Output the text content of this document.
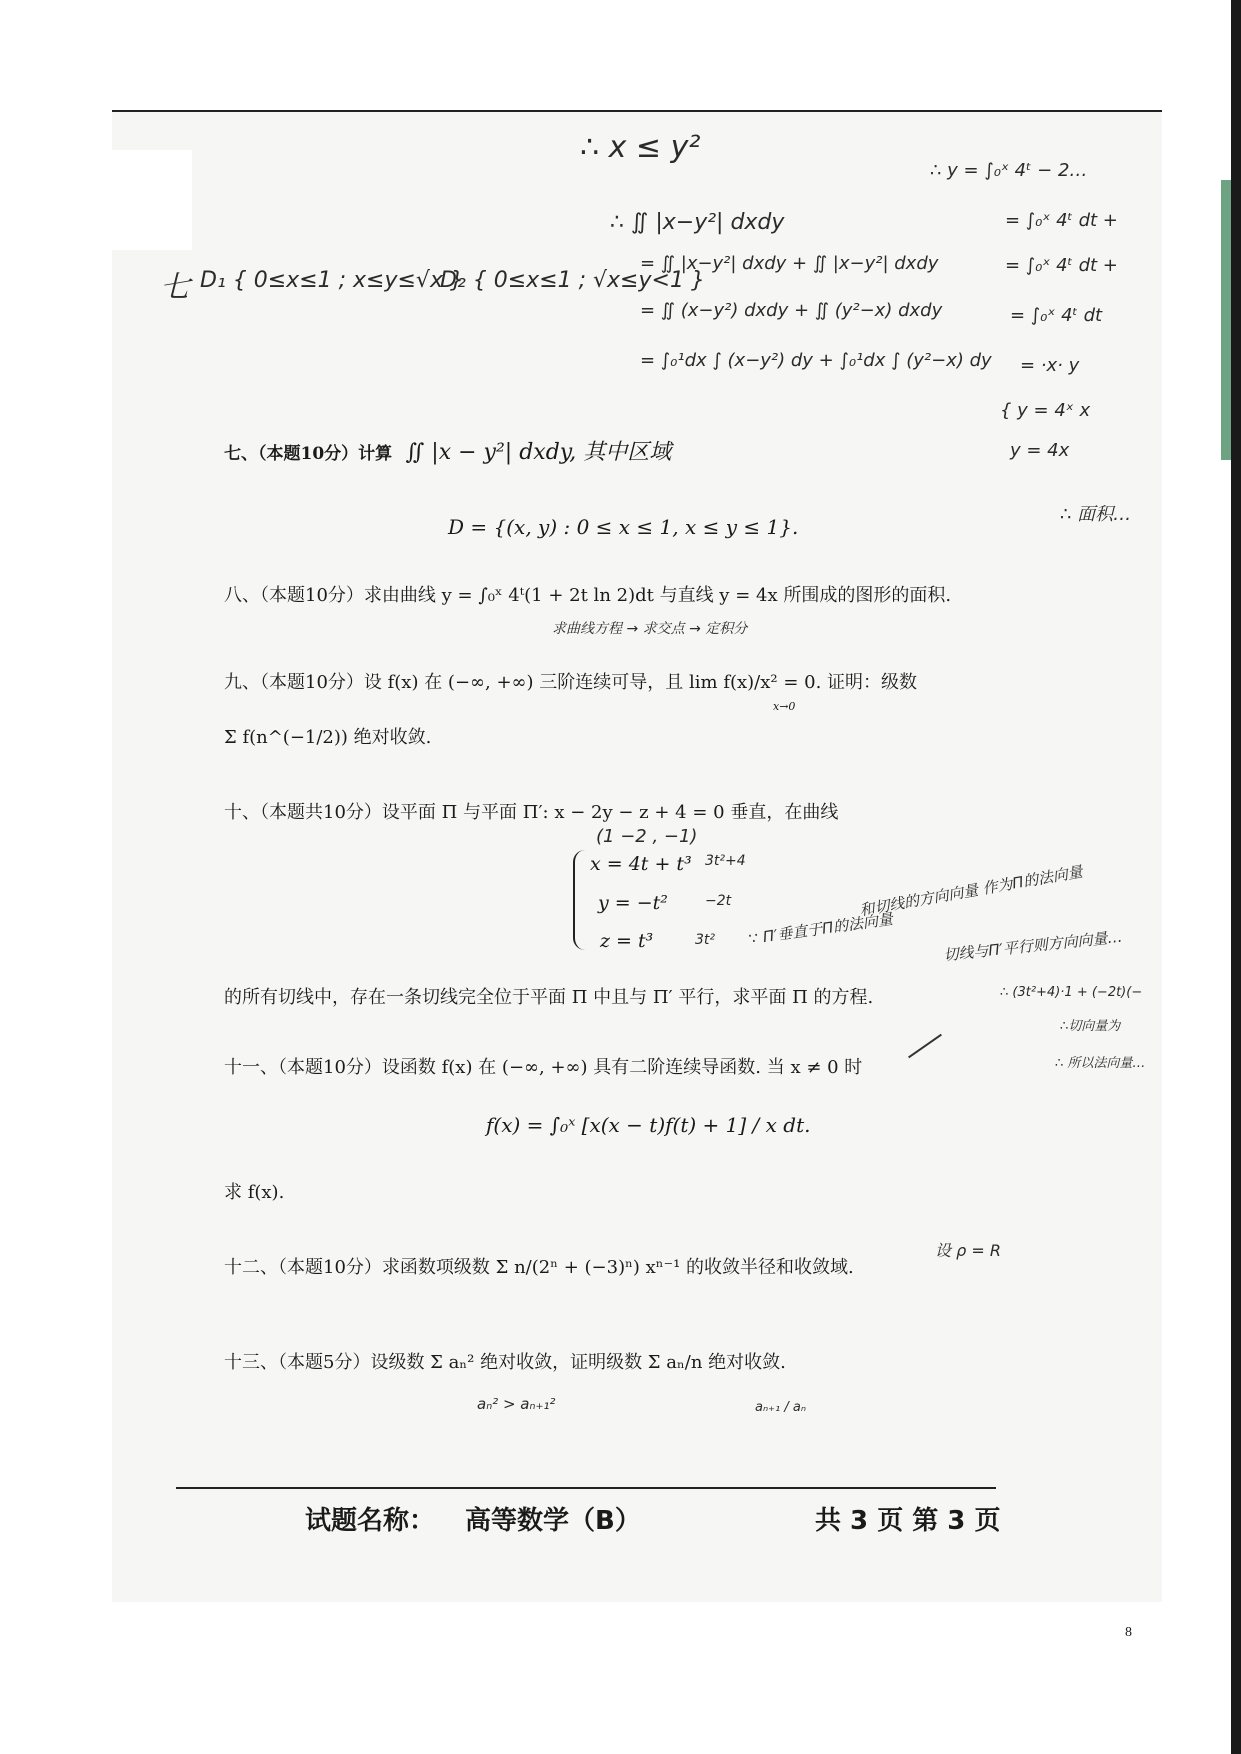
∴ x ≤ y²
∴ ∬ |x−y²| dxdy
= ∬ |x−y²| dxdy + ∬ |x−y²| dxdy
= ∬ (x−y²) dxdy + ∬ (y²−x) dxdy
= ∫₀¹dx ∫ (x−y²) dy + ∫₀¹dx ∫ (y²−x) dy
七 D₁ { 0≤x≤1 ; x≤y≤√x }
D₂ { 0≤x≤1 ; √x≤y<1 }
∴ y = ∫₀ˣ 4ᵗ − 2…
= ∫₀ˣ 4ᵗ dt +
= ∫₀ˣ 4ᵗ dt +
= ∫₀ˣ 4ᵗ dt
= ·x· y
{ y = 4ˣ x
y = 4x
∴ 面积…
七、（本题10分）计算 ∬ |x − y²| dxdy, 其中区域
D = {(x, y) : 0 ≤ x ≤ 1, x ≤ y ≤ 1}.
八、（本题10分）求由曲线 y = ∫₀ˣ 4ᵗ(1 + 2t ln 2)dt 与直线 y = 4x 所围成的图形的面积.
求曲线方程 → 求交点 → 定积分
九、（本题10分）设 f(x) 在 (−∞, +∞) 三阶连续可导，且 lim f(x)/x² = 0. 证明：级数
x→0
Σ f(n^(−1/2)) 绝对收敛.
十、（本题共10分）设平面 Π 与平面 Π′: x − 2y − z + 4 = 0 垂直，在曲线
(1 −2 , −1)
x = 4t + t³
y = −t²
z = t³
3t²+4
−2t
3t² ∵ Π′垂直于Π的法向量
和切线的方向向量 作为Π的法向量
切线与Π′平行则方向向量…
的所有切线中，存在一条切线完全位于平面 Π 中且与 Π′ 平行，求平面 Π 的方程.	∴ (3t²+4)·1 + (−2t)(−
∴切向量为
∴ 所以法向量…
十一、（本题10分）设函数 f(x) 在 (−∞, +∞) 具有二阶连续导函数. 当 x ≠ 0 时
f(x) = ∫₀ˣ [x(x − t)f(t) + 1] / x dt.
求 f(x).
十二、（本题10分）求函数项级数 Σ n/(2ⁿ + (−3)ⁿ) xⁿ⁻¹ 的收敛半径和收敛域.
设 ρ = R
十三、（本题5分）设级数 Σ aₙ² 绝对收敛，证明级数 Σ aₙ/n 绝对收敛.
aₙ² > aₙ₊₁²	aₙ₊₁ / aₙ
试题名称： 高等数学（B）	共 3 页 第 3 页
8
